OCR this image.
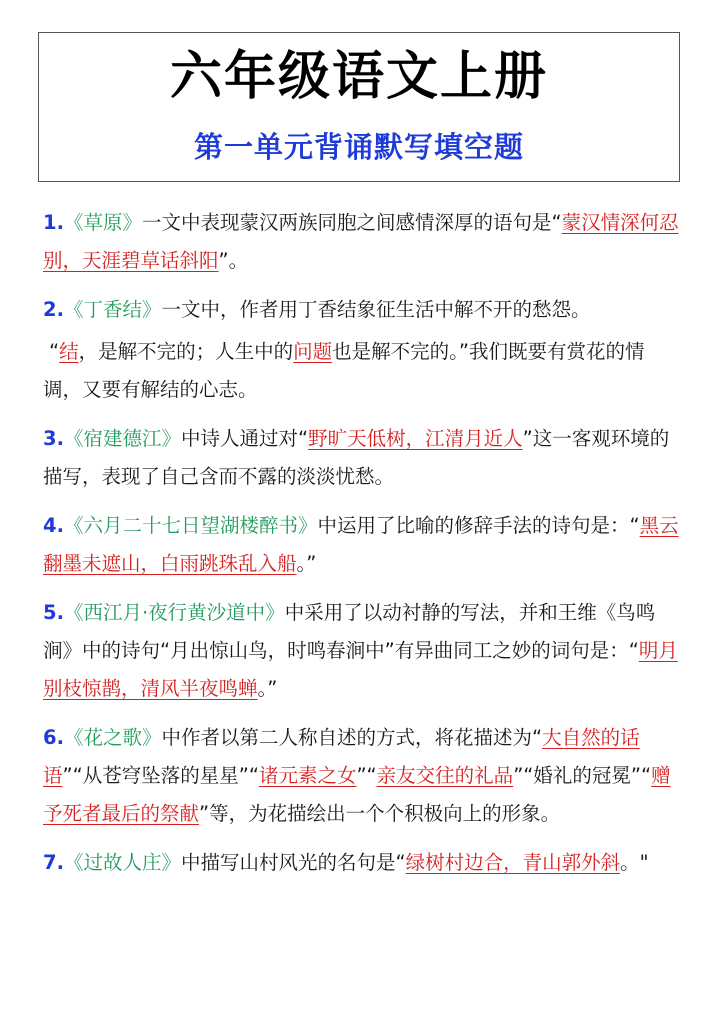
六年级语文上册
第一单元背诵默写填空题

1.《草原》一文中表现蒙汉两族同胞之间感情深厚的语句是“蒙汉情深何忍别，天涯碧草话斜阳”。

2.《丁香结》一文中，作者用丁香结象征生活中解不开的愁怨。

“结，是解不完的；人生中的问题也是解不完的。”我们既要有赏花的情调，又要有解结的心志。

3.《宿建德江》中诗人通过对“野旷天低树，江清月近人”这一客观环境的描写，表现了自己含而不露的淡淡忧愁。

4.《六月二十七日望湖楼醉书》中运用了比喻的修辞手法的诗句是：“黑云翻墨未遮山，白雨跳珠乱入船。”

5.《西江月·夜行黄沙道中》中采用了以动衬静的写法，并和王维《鸟鸣涧》中的诗句“月出惊山鸟，时鸣春涧中”有异曲同工之妙的词句是：“明月别枝惊鹊，清风半夜鸣蝉。”

6.《花之歌》中作者以第二人称自述的方式，将花描述为“大自然的话语”“从苍穹坠落的星星”“诸元素之女”“亲友交往的礼品”“婚礼的冠冕”“赠予死者最后的祭献”等，为花描绘出一个个积极向上的形象。

7.《过故人庄》中描写山村风光的名句是“绿树村边合，青山郭外斜。"
